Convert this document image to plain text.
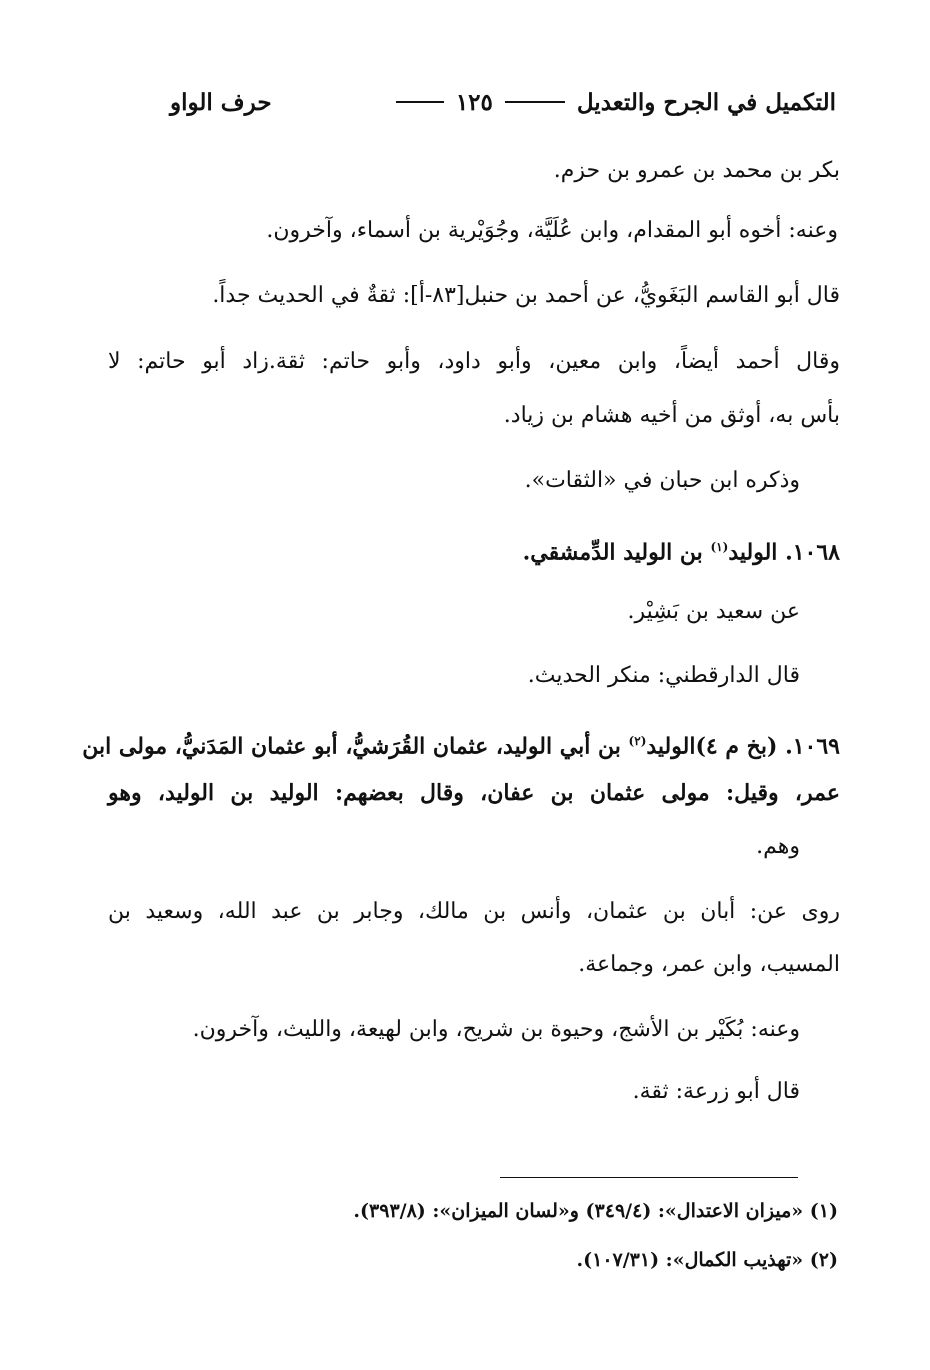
التكميل في الجرح والتعديل
١٢٥
حرف الواو
بكر بن محمد بن عمرو بن حزم.
وعنه: أخوه أبو المقدام، وابن عُلَيَّة، وجُوَيْرية بن أسماء، وآخرون.
قال أبو القاسم البَغَويُّ، عن أحمد بن حنبل[٨٣-أ]: ثقةٌ في الحديث جداً.
وقال أحمد أيضاً، وابن معين، وأبو داود، وأبو حاتم: ثقة.زاد أبو حاتم: لا
بأس به، أوثق من أخيه هشام بن زياد.
وذكره ابن حبان في «الثقات».
١٠٦٨. الوليد$^{(١)}$ بن الوليد الدِّمشقي.
عن سعيد بن بَشِيْر.
قال الدارقطني: منكر الحديث.
١٠٦٩. (بخ م ٤)الوليد$^{(٢)}$ بن أبي الوليد، عثمان القُرَشيُّ، أبو عثمان المَدَنيُّ، مولى ابن
عمر، وقيل: مولى عثمان بن عفان، وقال بعضهم: الوليد بن الوليد، وهو
وهم.
روى عن: أبان بن عثمان، وأنس بن مالك، وجابر بن عبد الله، وسعيد بن
المسيب، وابن عمر، وجماعة.
وعنه: بُكَيْر بن الأشج، وحيوة بن شريح، وابن لهيعة، والليث، وآخرون.
قال أبو زرعة: ثقة.
(١) «ميزان الاعتدال»: (٣٤٩/٤) و«لسان الميزان»: (٣٩٣/٨).
(٢) «تهذيب الكمال»: (١٠٧/٣١).
